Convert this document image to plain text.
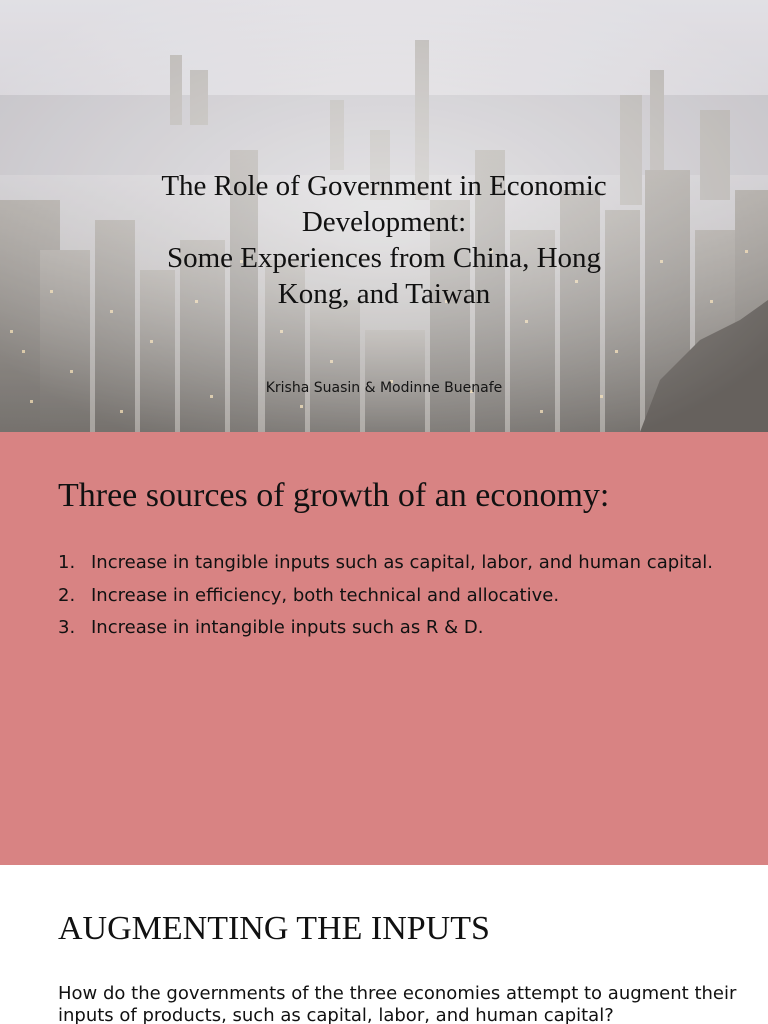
The Role of Government in Economic
Development:
Some Experiences from China, Hong
Kong, and Taiwan
Krisha Suasin & Modinne Buenafe
Three sources of growth of an economy:
1. Increase in tangible inputs such as capital, labor, and human capital.
2. Increase in efficiency, both technical and allocative.
3. Increase in intangible inputs such as R & D.
AUGMENTING THE INPUTS

How do the governments of the three economies attempt to augment their inputs of products, such as capital, labor, and human capital?
